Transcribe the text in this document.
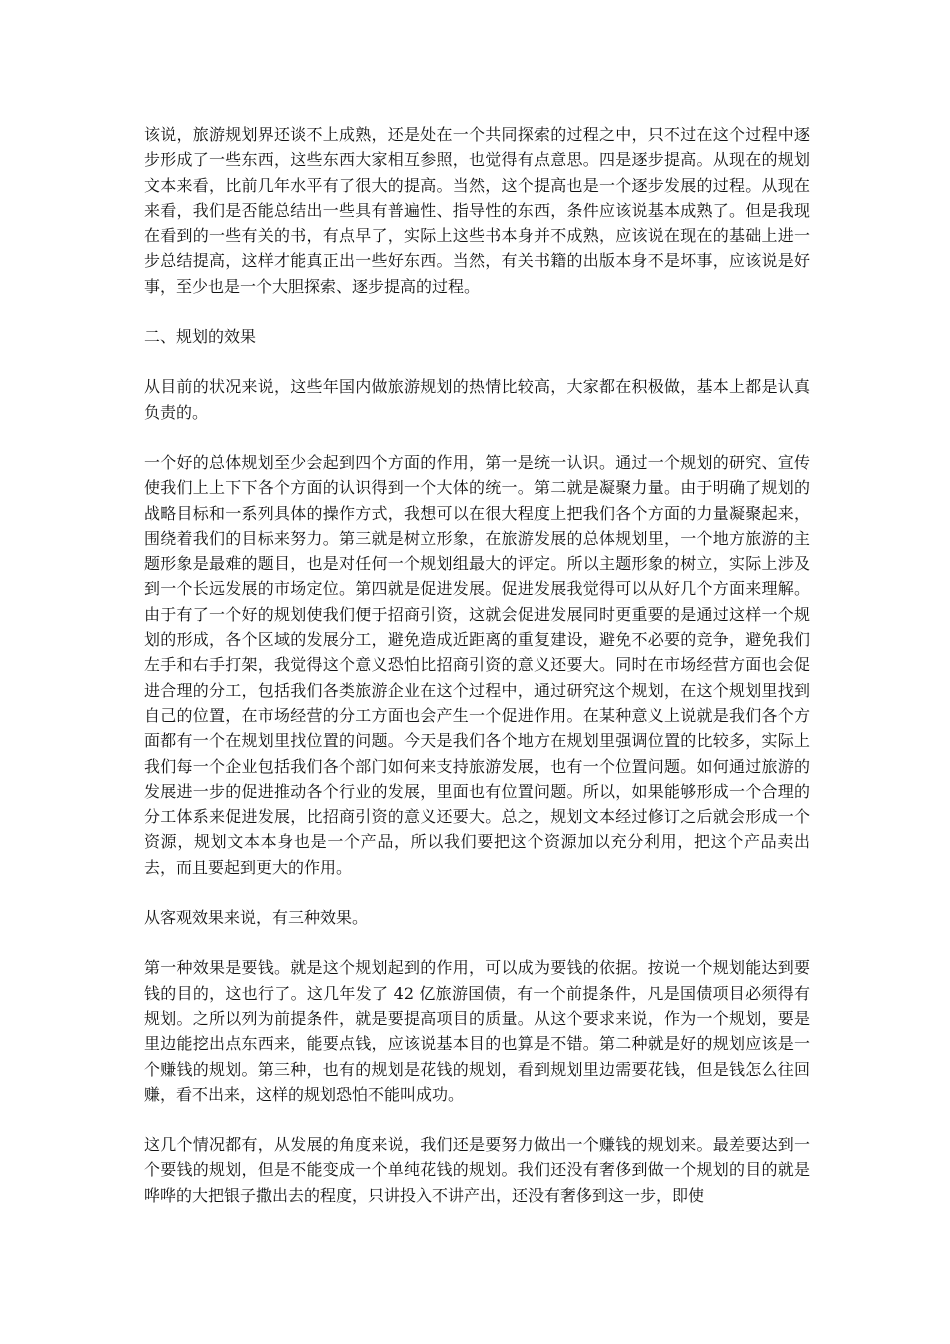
该说，旅游规划界还谈不上成熟，还是处在一个共同探索的过程之中，只不过在这个过程中逐步形成了一些东西，这些东西大家相互参照，也觉得有点意思。四是逐步提高。从现在的规划文本来看，比前几年水平有了很大的提高。当然，这个提高也是一个逐步发展的过程。从现在来看，我们是否能总结出一些具有普遍性、指导性的东西，条件应该说基本成熟了。但是我现在看到的一些有关的书，有点早了，实际上这些书本身并不成熟，应该说在现在的基础上进一步总结提高，这样才能真正出一些好东西。当然，有关书籍的出版本身不是坏事，应该说是好事，至少也是一个大胆探索、逐步提高的过程。

二、规划的效果

从目前的状况来说，这些年国内做旅游规划的热情比较高，大家都在积极做，基本上都是认真负责的。

一个好的总体规划至少会起到四个方面的作用，第一是统一认识。通过一个规划的研究、宣传使我们上上下下各个方面的认识得到一个大体的统一。第二就是凝聚力量。由于明确了规划的战略目标和一系列具体的操作方式，我想可以在很大程度上把我们各个方面的力量凝聚起来，围绕着我们的目标来努力。第三就是树立形象，在旅游发展的总体规划里，一个地方旅游的主题形象是最难的题目，也是对任何一个规划组最大的评定。所以主题形象的树立，实际上涉及到一个长远发展的市场定位。第四就是促进发展。促进发展我觉得可以从好几个方面来理解。由于有了一个好的规划使我们便于招商引资，这就会促进发展同时更重要的是通过这样一个规划的形成，各个区域的发展分工，避免造成近距离的重复建设，避免不必要的竞争，避免我们左手和右手打架，我觉得这个意义恐怕比招商引资的意义还要大。同时在市场经营方面也会促进合理的分工，包括我们各类旅游企业在这个过程中，通过研究这个规划，在这个规划里找到自己的位置，在市场经营的分工方面也会产生一个促进作用。在某种意义上说就是我们各个方面都有一个在规划里找位置的问题。今天是我们各个地方在规划里强调位置的比较多，实际上我们每一个企业包括我们各个部门如何来支持旅游发展，也有一个位置问题。如何通过旅游的发展进一步的促进推动各个行业的发展，里面也有位置问题。所以，如果能够形成一个合理的分工体系来促进发展，比招商引资的意义还要大。总之，规划文本经过修订之后就会形成一个资源，规划文本本身也是一个产品，所以我们要把这个资源加以充分利用，把这个产品卖出去，而且要起到更大的作用。

从客观效果来说，有三种效果。

第一种效果是要钱。就是这个规划起到的作用，可以成为要钱的依据。按说一个规划能达到要钱的目的，这也行了。这几年发了 42 亿旅游国债，有一个前提条件，凡是国债项目必须得有规划。之所以列为前提条件，就是要提高项目的质量。从这个要求来说，作为一个规划，要是里边能挖出点东西来，能要点钱，应该说基本目的也算是不错。第二种就是好的规划应该是一个赚钱的规划。第三种，也有的规划是花钱的规划，看到规划里边需要花钱，但是钱怎么往回赚，看不出来，这样的规划恐怕不能叫成功。

这几个情况都有，从发展的角度来说，我们还是要努力做出一个赚钱的规划来。最差要达到一个要钱的规划，但是不能变成一个单纯花钱的规划。我们还没有奢侈到做一个规划的目的就是哗哗的大把银子撒出去的程度，只讲投入不讲产出，还没有奢侈到这一步，即使
